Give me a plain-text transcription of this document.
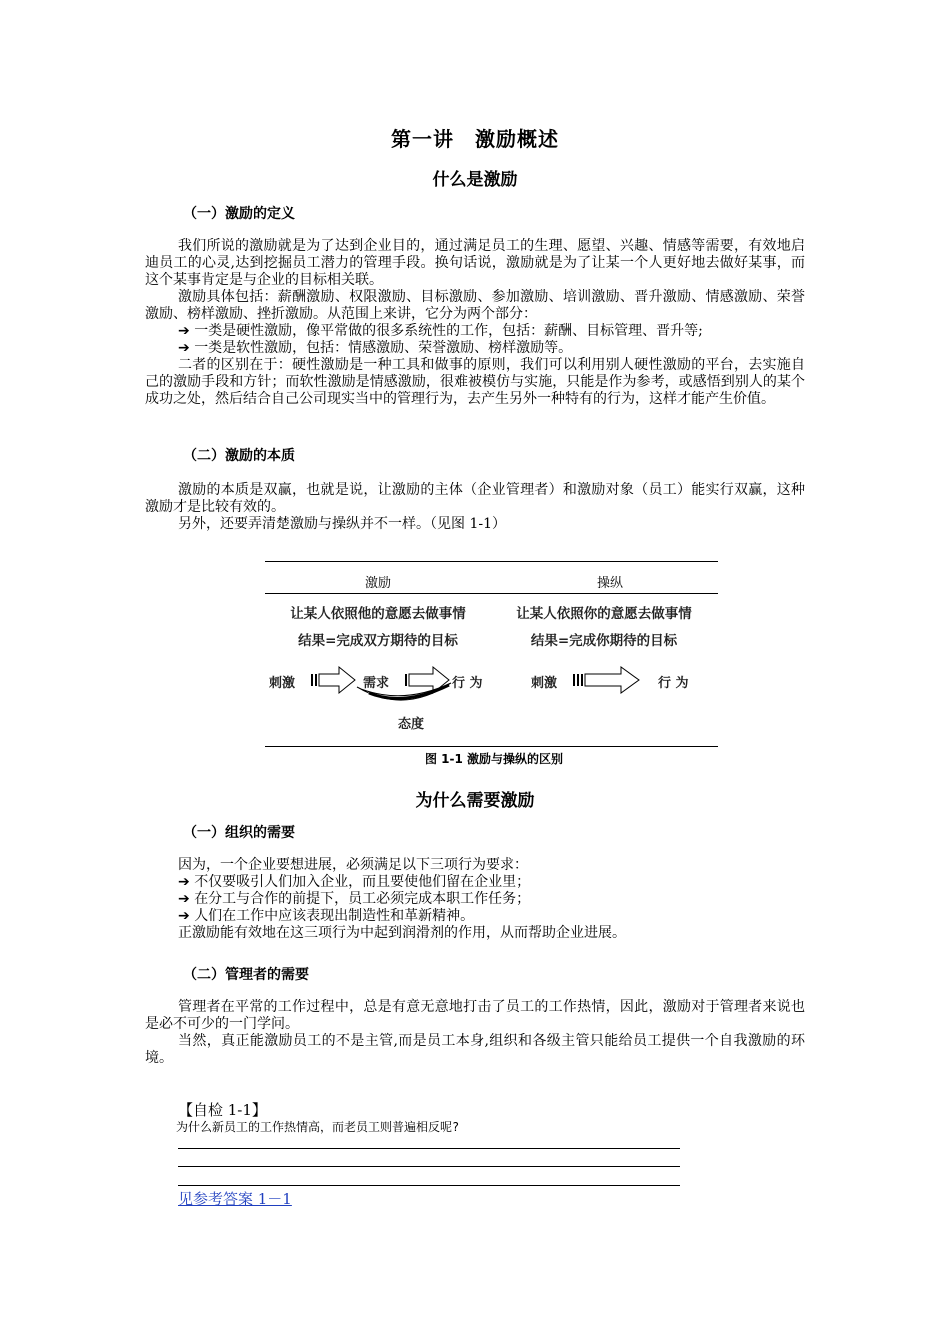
第一讲　激励概述
什么是激励
（一）激励的定义

我们所说的激励就是为了达到企业目的，通过满足员工的生理、愿望、兴趣、情感等需要，有效地启迪员工的心灵,达到挖掘员工潜力的管理手段。换句话说，激励就是为了让某一个人更好地去做好某事，而这个某事肯定是与企业的目标相关联。

激励具体包括：薪酬激励、权限激励、目标激励、参加激励、培训激励、晋升激励、情感激励、荣誉激励、榜样激励、挫折激励。从范围上来讲，它分为两个部分：

➔ 一类是硬性激励，像平常做的很多系统性的工作，包括：薪酬、目标管理、晋升等;

➔ 一类是软性激励，包括：情感激励、荣誉激励、榜样激励等。

二者的区别在于：硬性激励是一种工具和做事的原则，我们可以利用别人硬性激励的平台，去实施自己的激励手段和方针；而软性激励是情感激励，很难被模仿与实施，只能是作为参考，或感悟到别人的某个成功之处，然后结合自己公司现实当中的管理行为，去产生另外一种特有的行为，这样才能产生价值。

（二）激励的本质

激励的本质是双赢，也就是说，让激励的主体（企业管理者）和激励对象（员工）能实行双赢，这种激励才是比较有效的。

另外，还要弄清楚激励与操纵并不一样。（见图 1-1）

激励	操纵
让某人依照他的意愿去做事情	让某人依照你的意愿去做事情
结果=完成双方期待的目标	结果=完成你期待的目标
刺激	需求	行 为
态度
刺激	行 为
图 1-1 激励与操纵的区别
为什么需要激励
（一）组织的需要

因为，一个企业要想进展，必须满足以下三项行为要求：

➔ 不仅要吸引人们加入企业，而且要使他们留在企业里；

➔ 在分工与合作的前提下，员工必须完成本职工作任务；

➔ 人们在工作中应该表现出制造性和革新精神。

正激励能有效地在这三项行为中起到润滑剂的作用，从而帮助企业进展。

（二）管理者的需要

管理者在平常的工作过程中，总是有意无意地打击了员工的工作热情，因此，激励对于管理者来说也是必不可少的一门学问。

当然，真正能激励员工的不是主管,而是员工本身,组织和各级主管只能给员工提供一个自我激励的环境。

【自检 1-1】
为什么新员工的工作热情高，而老员工则普遍相反呢?
见参考答案 1－1
